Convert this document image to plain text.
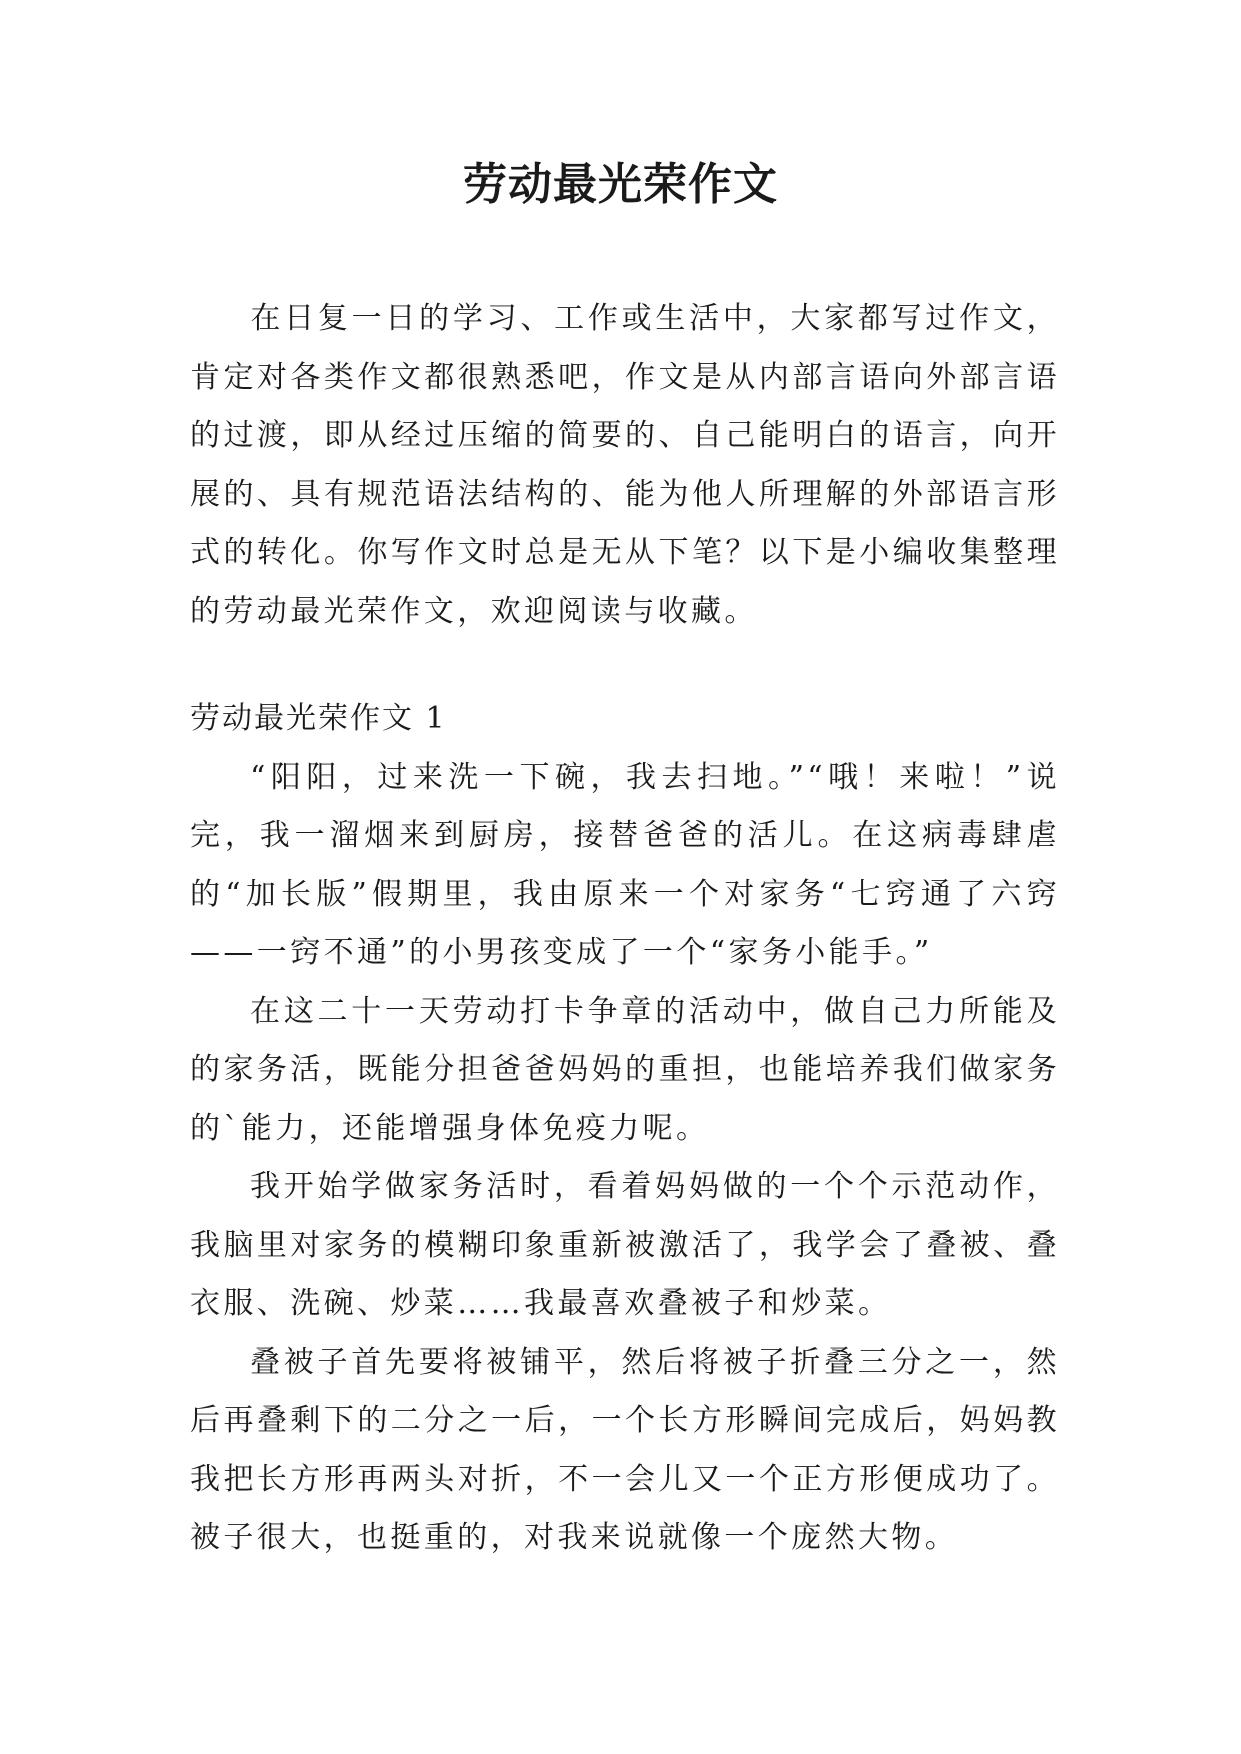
劳动最光荣作文

在日复一日的学习、工作或生活中，大家都写过作文，肯定对各类作文都很熟悉吧，作文是从内部言语向外部言语的过渡，即从经过压缩的简要的、自己能明白的语言，向开展的、具有规范语法结构的、能为他人所理解的外部语言形式的转化。你写作文时总是无从下笔？以下是小编收集整理的劳动最光荣作文，欢迎阅读与收藏。

劳动最光荣作文 1

“阳阳，过来洗一下碗，我去扫地。”“哦！来啦！”说完，我一溜烟来到厨房，接替爸爸的活儿。在这病毒肆虐的“加长版”假期里，我由原来一个对家务“七窍通了六窍——一窍不通”的小男孩变成了一个“家务小能手。”

在这二十一天劳动打卡争章的活动中，做自己力所能及的家务活，既能分担爸爸妈妈的重担，也能培养我们做家务的`能力，还能增强身体免疫力呢。

我开始学做家务活时，看着妈妈做的一个个示范动作，我脑里对家务的模糊印象重新被激活了，我学会了叠被、叠衣服、洗碗、炒菜……我最喜欢叠被子和炒菜。

叠被子首先要将被铺平，然后将被子折叠三分之一，然后再叠剩下的二分之一后，一个长方形瞬间完成后，妈妈教我把长方形再两头对折，不一会儿又一个正方形便成功了。被子很大，也挺重的，对我来说就像一个庞然大物。
